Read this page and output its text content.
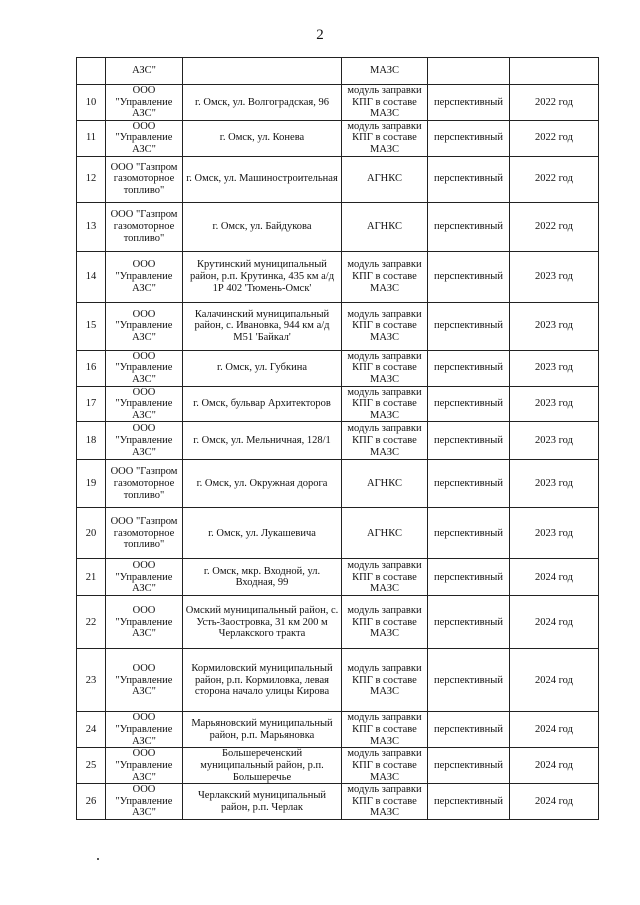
2
	АЗС"		МАЗС		
10	ООО "Управление АЗС"	г. Омск, ул. Волгоградская, 96	модуль заправки КПГ в составе МАЗС	перспективный	2022 год
11	ООО "Управление АЗС"	г. Омск, ул. Конева	модуль заправки КПГ в составе МАЗС	перспективный	2022 год
12	ООО "Газпром газомоторное топливо"	г. Омск, ул. Машиностроительная	АГНКС	перспективный	2022 год
13	ООО "Газпром газомоторное топливо"	г. Омск, ул. Байдукова	АГНКС	перспективный	2022 год
14	ООО "Управление АЗС"	Крутинский муниципальный район, р.п. Крутинка, 435 км а/д 1Р 402 'Тюмень-Омск'	модуль заправки КПГ в составе МАЗС	перспективный	2023 год
15	ООО "Управление АЗС"	Калачинский муниципальный район, с. Ивановка, 944 км а/д М51 'Байкал'	модуль заправки КПГ в составе МАЗС	перспективный	2023 год
16	ООО "Управление АЗС"	г. Омск, ул. Губкина	модуль заправки КПГ в составе МАЗС	перспективный	2023 год
17	ООО "Управление АЗС"	г. Омск, бульвар Архитекторов	модуль заправки КПГ в составе МАЗС	перспективный	2023 год
18	ООО "Управление АЗС"	г. Омск, ул. Мельничная, 128/1	модуль заправки КПГ в составе МАЗС	перспективный	2023 год
19	ООО "Газпром газомоторное топливо"	г. Омск, ул. Окружная дорога	АГНКС	перспективный	2023 год
20	ООО "Газпром газомоторное топливо"	г. Омск, ул. Лукашевича	АГНКС	перспективный	2023 год
21	ООО "Управление АЗС"	г. Омск, мкр. Входной, ул. Входная, 99	модуль заправки КПГ в составе МАЗС	перспективный	2024 год
22	ООО "Управление АЗС"	Омский муниципальный район, с. Усть-Заостровка, 31 км 200 м Черлакского тракта	модуль заправки КПГ в составе МАЗС	перспективный	2024 год
23	ООО "Управление АЗС"	Кормиловский муниципальный район, р.п. Кормиловка, левая сторона начало улицы Кирова	модуль заправки КПГ в составе МАЗС	перспективный	2024 год
24	ООО "Управление АЗС"	Марьяновский муниципальный район, р.п. Марьяновка	модуль заправки КПГ в составе МАЗС	перспективный	2024 год
25	ООО "Управление АЗС"	Большереченский муниципальный район, р.п. Большеречье	модуль заправки КПГ в составе МАЗС	перспективный	2024 год
26	ООО "Управление АЗС"	Черлакский муниципальный район, р.п. Черлак	модуль заправки КПГ в составе МАЗС	перспективный	2024 год
